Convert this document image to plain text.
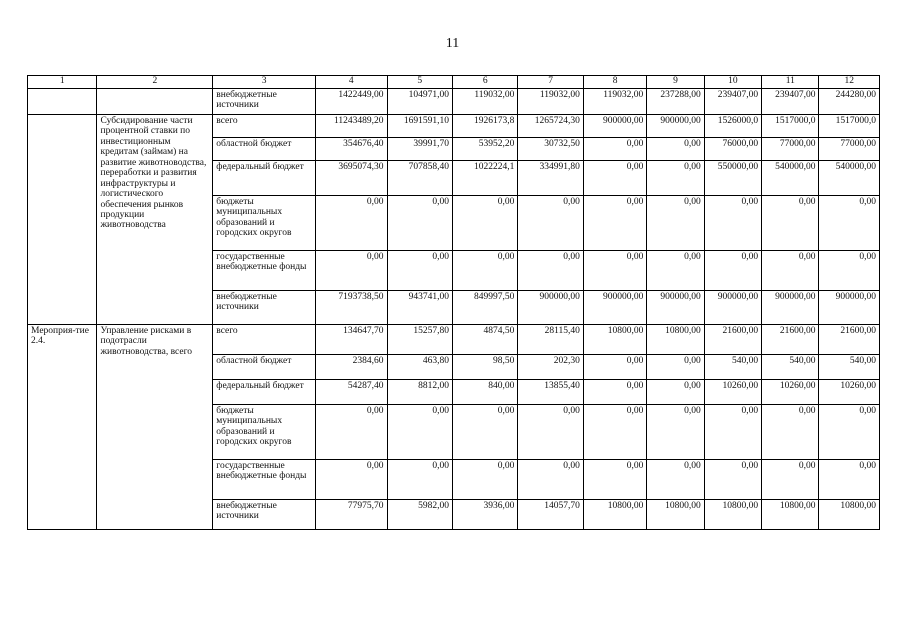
11
1	2	3	4	5	6	7	8	9	10	11	12
		внебюджетные источники	1422449,00	104971,00	119032,00	119032,00	119032,00	237288,00	239407,00	239407,00	244280,00
	Субсидирование части процентной ставки по инвестиционным кредитам (займам) на развитие животноводства, переработки и развития инфраструктуры и логистического обеспечения рынков продукции животноводства	всего	11243489,20	1691591,10	1926173,8	1265724,30	900000,00	900000,00	1526000,0	1517000,0	1517000,0
		областной бюджет	354676,40	39991,70	53952,20	30732,50	0,00	0,00	76000,00	77000,00	77000,00
		федеральный бюджет	3695074,30	707858,40	1022224,1	334991,80	0,00	0,00	550000,00	540000,00	540000,00
		бюджеты муниципальных образований и городских округов	0,00	0,00	0,00	0,00	0,00	0,00	0,00	0,00	0,00
		государственные внебюджетные фонды	0,00	0,00	0,00	0,00	0,00	0,00	0,00	0,00	0,00
		внебюджетные источники	7193738,50	943741,00	849997,50	900000,00	900000,00	900000,00	900000,00	900000,00	900000,00
Мероприя-тие 2.4.	Управление рисками в подотрасли животноводства, всего	всего	134647,70	15257,80	4874,50	28115,40	10800,00	10800,00	21600,00	21600,00	21600,00
		областной бюджет	2384,60	463,80	98,50	202,30	0,00	0,00	540,00	540,00	540,00
		федеральный бюджет	54287,40	8812,00	840,00	13855,40	0,00	0,00	10260,00	10260,00	10260,00
		бюджеты муниципальных образований и городских округов	0,00	0,00	0,00	0,00	0,00	0,00	0,00	0,00	0,00
		государственные внебюджетные фонды	0,00	0,00	0,00	0,00	0,00	0,00	0,00	0,00	0,00
		внебюджетные источники	77975,70	5982,00	3936,00	14057,70	10800,00	10800,00	10800,00	10800,00	10800,00
